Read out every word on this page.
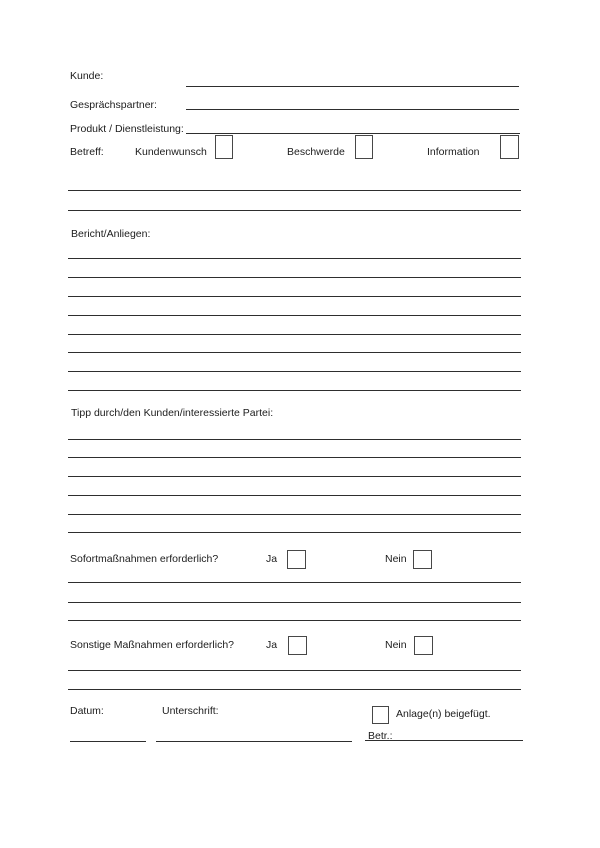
Kunde:
Gesprächspartner:
Produkt / Dienstleistung:
Betreff:	Kundenwunsch	Beschwerde	Information
Bericht/Anliegen:
Tipp durch/den Kunden/interessierte Partei:
Sofortmaßnahmen erforderlich?	Ja	Nein
Sonstige Maßnahmen erforderlich?	Ja	Nein
Datum:	Unterschrift:	Anlage(n) beigefügt.
Betr.:
